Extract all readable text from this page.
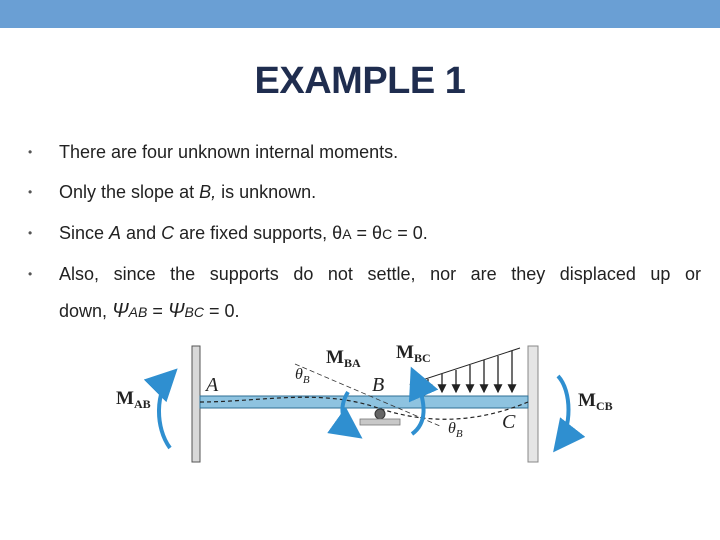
EXAMPLE 1
• There are four unknown internal moments.
• Only the slope at B, is unknown.
• Since A and C are fixed supports, θA = θC = 0.
• Also, since the supports do not settle, nor are they displaced up or
down, ΨAB = ΨBC = 0.
$M_{AB}$
$M_{BA}$ $M_{BC}$
$M_{CB}$
A	B
C
$\theta_B$
$\theta_B$
